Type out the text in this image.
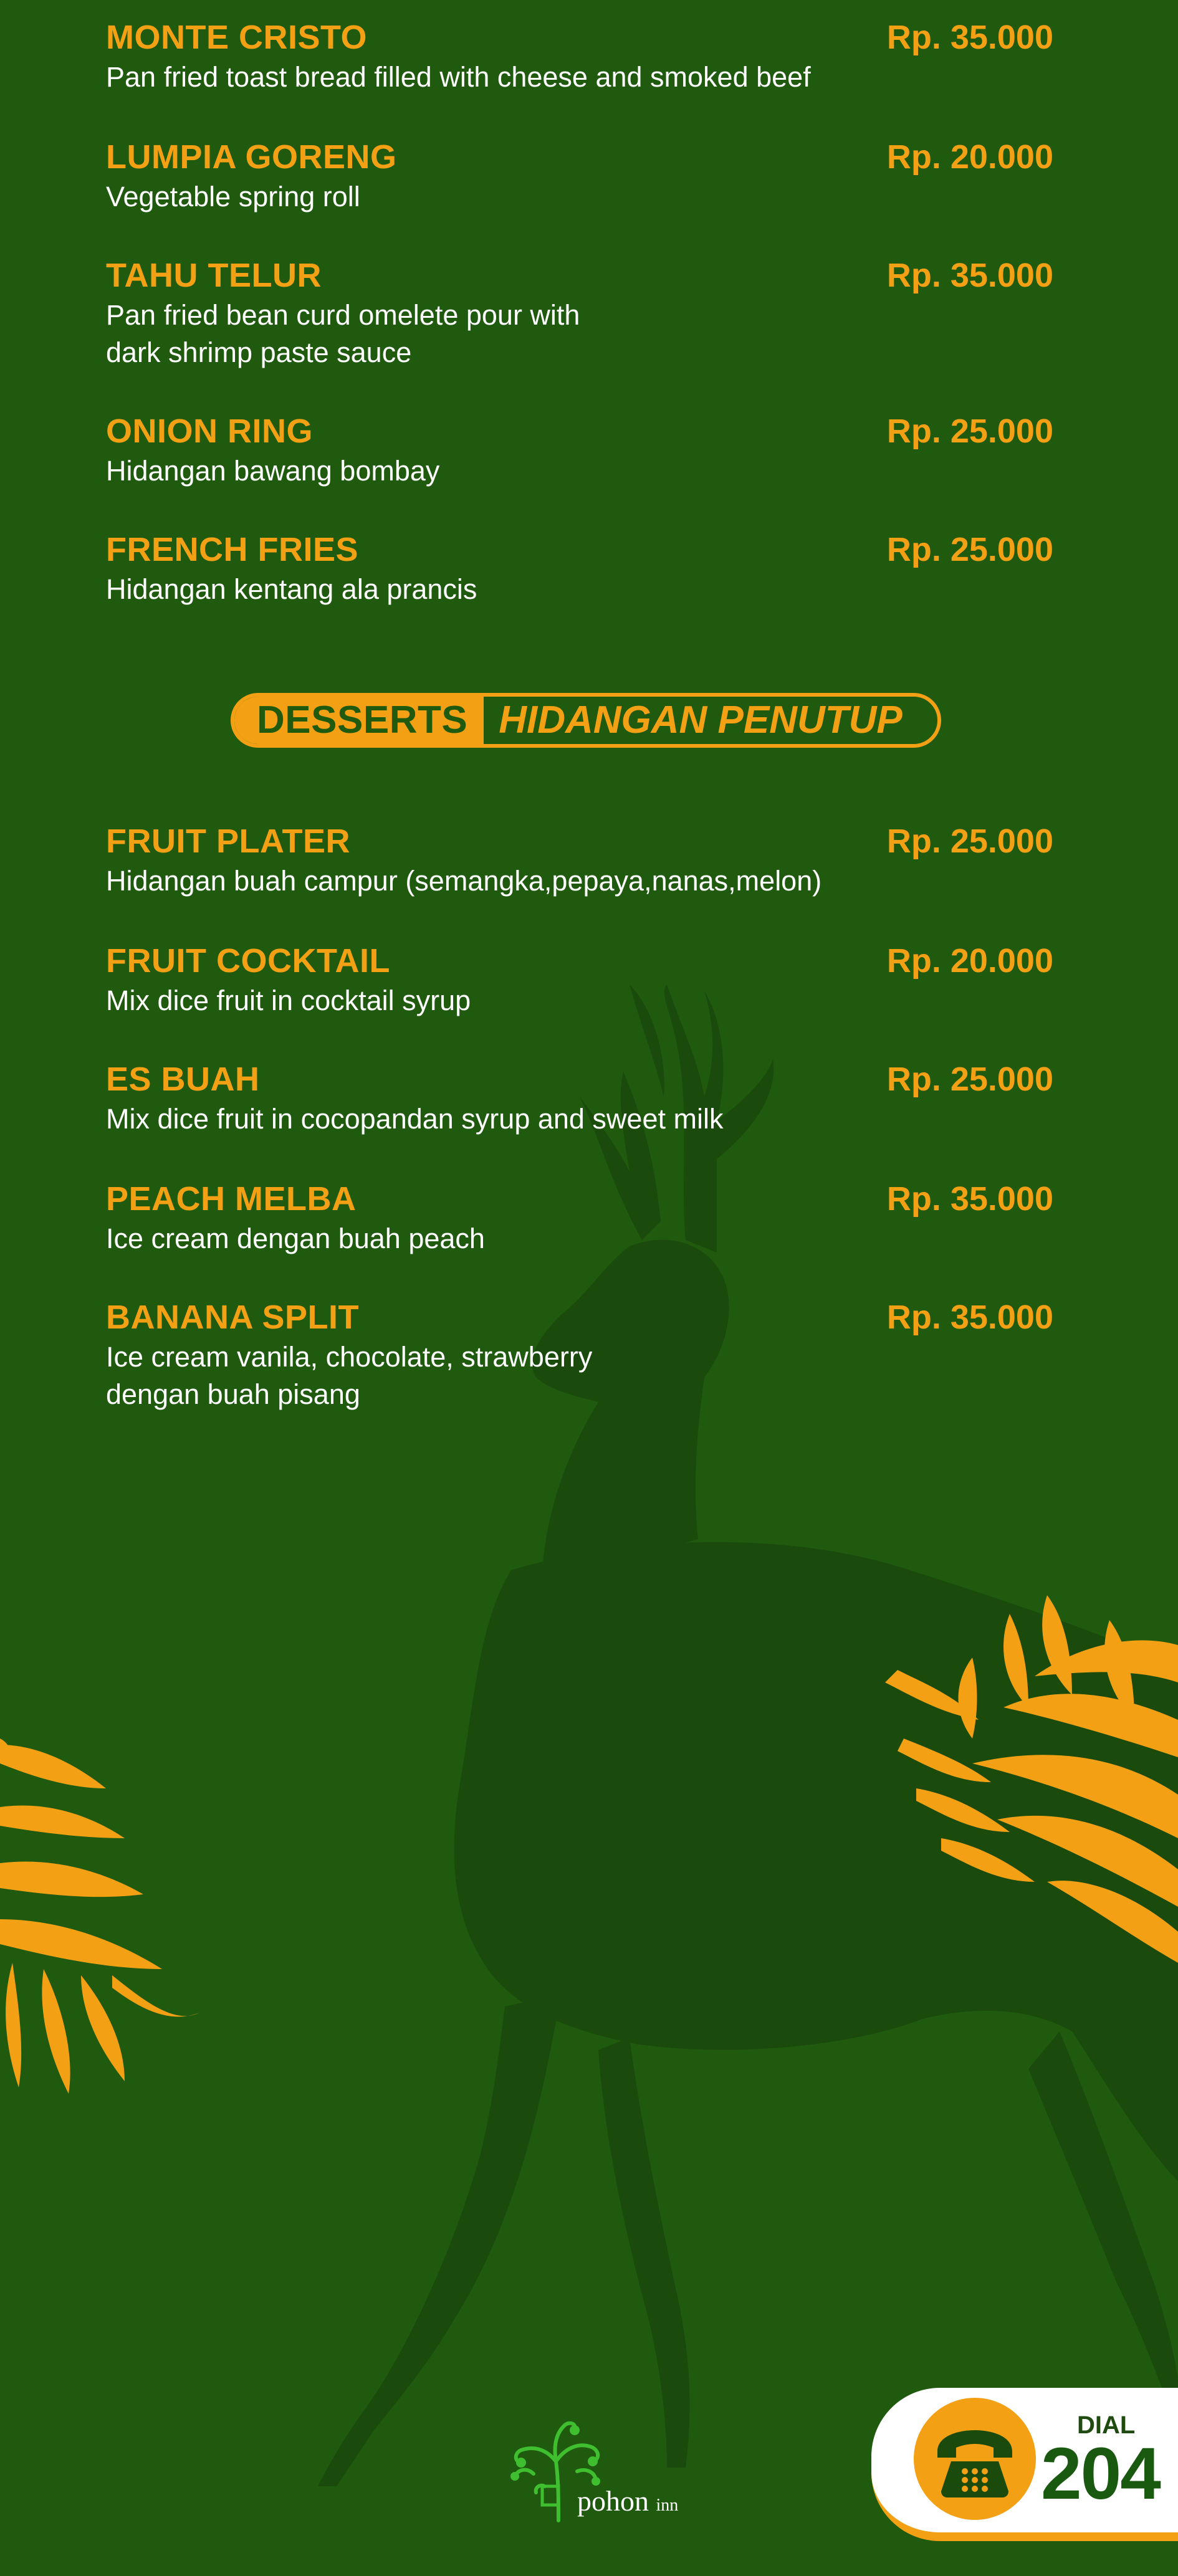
MONTE CRISTO	Rp. 35.000
Pan fried toast bread filled with cheese and smoked beef
LUMPIA GORENG	Rp. 20.000
Vegetable spring roll
TAHU TELUR	Rp. 35.000
Pan fried bean curd omelete pour with
dark shrimp paste sauce
ONION RING	Rp. 25.000
Hidangan bawang bombay
FRENCH FRIES	Rp. 25.000
Hidangan kentang ala prancis
DESSERTS HIDANGAN PENUTUP
FRUIT PLATER	Rp. 25.000
Hidangan buah campur (semangka,pepaya,nanas,melon)
FRUIT COCKTAIL	Rp. 20.000
Mix dice fruit in cocktail syrup
ES BUAH	Rp. 25.000
Mix dice fruit in cocopandan syrup and sweet milk
PEACH MELBA	Rp. 35.000
Ice cream dengan buah peach
BANANA SPLIT	Rp. 35.000
Ice cream vanila, chocolate, strawberry
dengan buah pisang
pohon inn
DIAL
204
